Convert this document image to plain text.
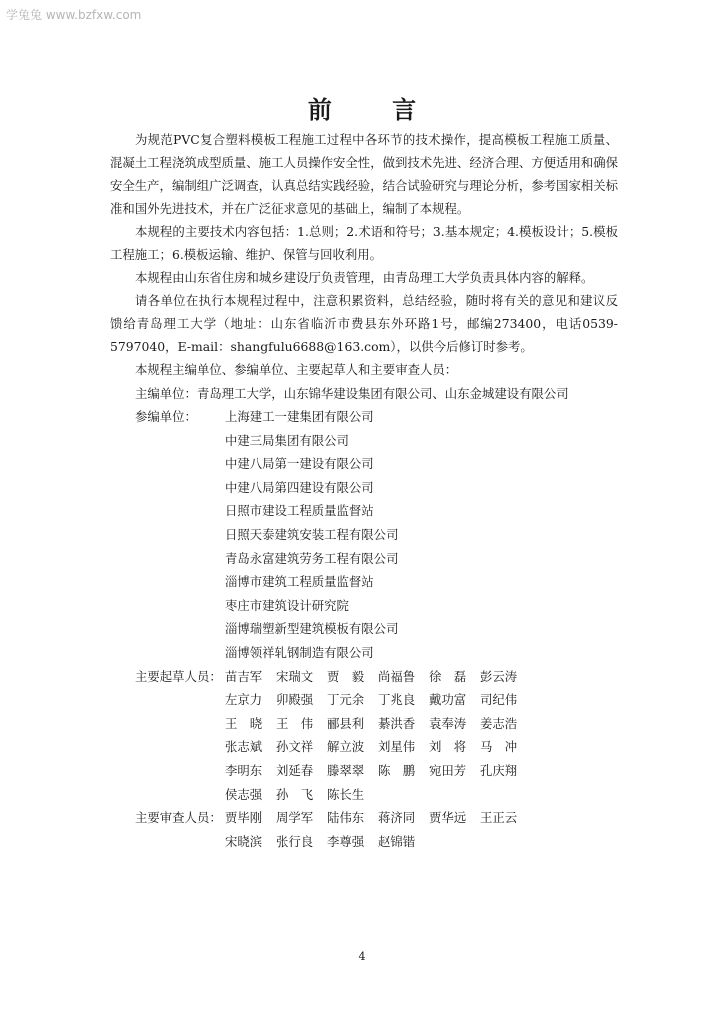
学兔兔 www.bzfxw.com
前 言

为规范PVC复合塑料模板工程施工过程中各环节的技术操作，提高模板工程施工质量、混凝土工程浇筑成型质量、施工人员操作安全性，做到技术先进、经济合理、方便适用和确保安全生产，编制组广泛调查，认真总结实践经验，结合试验研究与理论分析，参考国家相关标准和国外先进技术，并在广泛征求意见的基础上，编制了本规程。

本规程的主要技术内容包括：1.总则；2.术语和符号；3.基本规定；4.模板设计；5.模板工程施工；6.模板运输、维护、保管与回收利用。

本规程由山东省住房和城乡建设厅负责管理，由青岛理工大学负责具体内容的解释。

请各单位在执行本规程过程中，注意积累资料，总结经验，随时将有关的意见和建议反馈给青岛理工大学（地址：山东省临沂市费县东外环路1号，邮编273400，电话0539-5797040，E-mail：shangfulu6688@163.com），以供今后修订时参考。

本规程主编单位、参编单位、主要起草人和主要审查人员：

主编单位：青岛理工大学，山东锦华建设集团有限公司、山东金城建设有限公司

参编单位：	上海建工一建集团有限公司
中建三局集团有限公司
中建八局第一建设有限公司
中建八局第四建设有限公司
日照市建设工程质量监督站
日照天泰建筑安装工程有限公司
青岛永富建筑劳务工程有限公司
淄博市建筑工程质量监督站
枣庄市建筑设计研究院
淄博瑞塑新型建筑模板有限公司
淄博领祥轧钢制造有限公司
主要起草人员： 苗吉军	宋瑞文	贾　毅	尚福鲁	徐　磊	彭云涛
左京力	卯殿强	丁元余	丁兆良	戴功富	司纪伟
王　晓	王　伟	郦县利	綦洪香	袁奉涛	姜志浩
张志斌	孙文祥	解立波	刘星伟	刘　将	马　冲
李明东	刘延春	滕翠翠	陈　鹏	宛田芳	孔庆翔
侯志强	孙　飞	陈长生
主要审查人员： 贾毕刚	周学军	陆伟东	蒋济同	贾华远	王正云
宋晓滨	张行良	李尊强	赵锦锴
4
